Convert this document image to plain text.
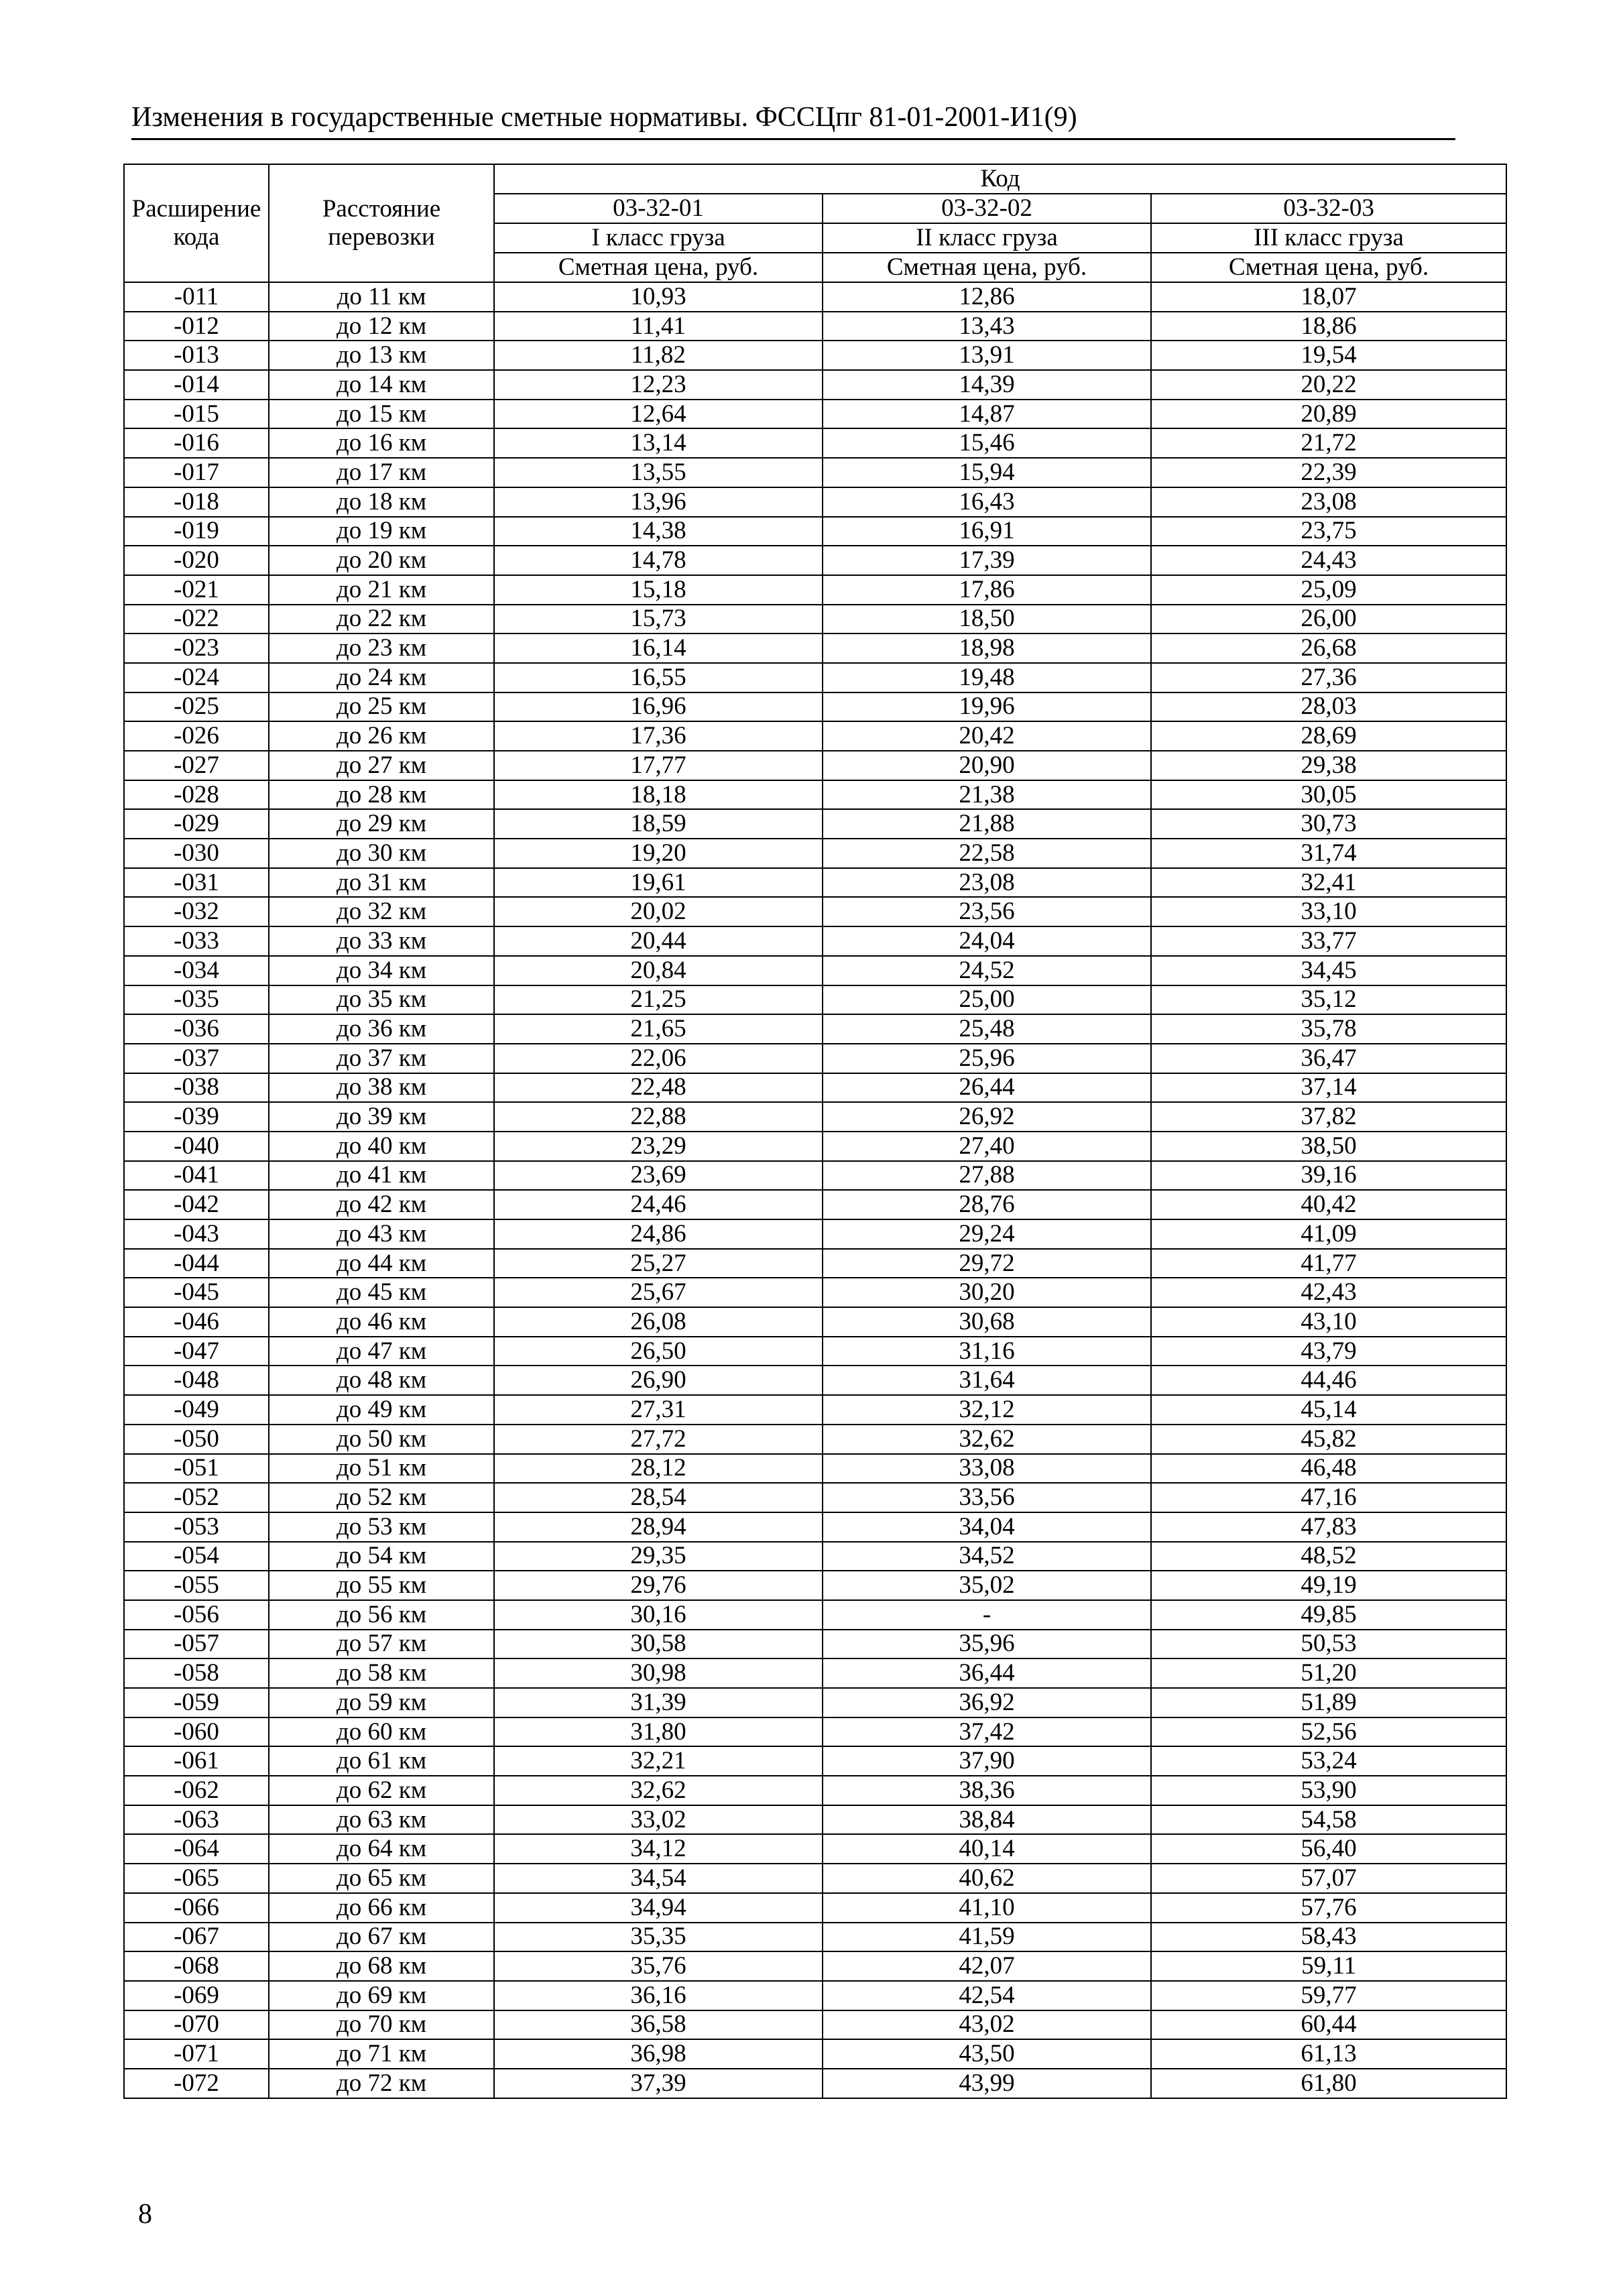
Изменения в государственные сметные нормативы. ФССЦпг 81-01-2001-И1(9)
Расширение кода	Расстояние перевозки	Код		
		03-32-01	03-32-02	03-32-03
		I класс груза	II класс груза	III класс груза
		Сметная цена, руб.	Сметная цена, руб.	Сметная цена, руб.
-011	до 11 км	10,93	12,86	18,07
-012	до 12 км	11,41	13,43	18,86
-013	до 13 км	11,82	13,91	19,54
-014	до 14 км	12,23	14,39	20,22
-015	до 15 км	12,64	14,87	20,89
-016	до 16 км	13,14	15,46	21,72
-017	до 17 км	13,55	15,94	22,39
-018	до 18 км	13,96	16,43	23,08
-019	до 19 км	14,38	16,91	23,75
-020	до 20 км	14,78	17,39	24,43
-021	до 21 км	15,18	17,86	25,09
-022	до 22 км	15,73	18,50	26,00
-023	до 23 км	16,14	18,98	26,68
-024	до 24 км	16,55	19,48	27,36
-025	до 25 км	16,96	19,96	28,03
-026	до 26 км	17,36	20,42	28,69
-027	до 27 км	17,77	20,90	29,38
-028	до 28 км	18,18	21,38	30,05
-029	до 29 км	18,59	21,88	30,73
-030	до 30 км	19,20	22,58	31,74
-031	до 31 км	19,61	23,08	32,41
-032	до 32 км	20,02	23,56	33,10
-033	до 33 км	20,44	24,04	33,77
-034	до 34 км	20,84	24,52	34,45
-035	до 35 км	21,25	25,00	35,12
-036	до 36 км	21,65	25,48	35,78
-037	до 37 км	22,06	25,96	36,47
-038	до 38 км	22,48	26,44	37,14
-039	до 39 км	22,88	26,92	37,82
-040	до 40 км	23,29	27,40	38,50
-041	до 41 км	23,69	27,88	39,16
-042	до 42 км	24,46	28,76	40,42
-043	до 43 км	24,86	29,24	41,09
-044	до 44 км	25,27	29,72	41,77
-045	до 45 км	25,67	30,20	42,43
-046	до 46 км	26,08	30,68	43,10
-047	до 47 км	26,50	31,16	43,79
-048	до 48 км	26,90	31,64	44,46
-049	до 49 км	27,31	32,12	45,14
-050	до 50 км	27,72	32,62	45,82
-051	до 51 км	28,12	33,08	46,48
-052	до 52 км	28,54	33,56	47,16
-053	до 53 км	28,94	34,04	47,83
-054	до 54 км	29,35	34,52	48,52
-055	до 55 км	29,76	35,02	49,19
-056	до 56 км	30,16	-	49,85
-057	до 57 км	30,58	35,96	50,53
-058	до 58 км	30,98	36,44	51,20
-059	до 59 км	31,39	36,92	51,89
-060	до 60 км	31,80	37,42	52,56
-061	до 61 км	32,21	37,90	53,24
-062	до 62 км	32,62	38,36	53,90
-063	до 63 км	33,02	38,84	54,58
-064	до 64 км	34,12	40,14	56,40
-065	до 65 км	34,54	40,62	57,07
-066	до 66 км	34,94	41,10	57,76
-067	до 67 км	35,35	41,59	58,43
-068	до 68 км	35,76	42,07	59,11
-069	до 69 км	36,16	42,54	59,77
-070	до 70 км	36,58	43,02	60,44
-071	до 71 км	36,98	43,50	61,13
-072	до 72 км	37,39	43,99	61,80
8
